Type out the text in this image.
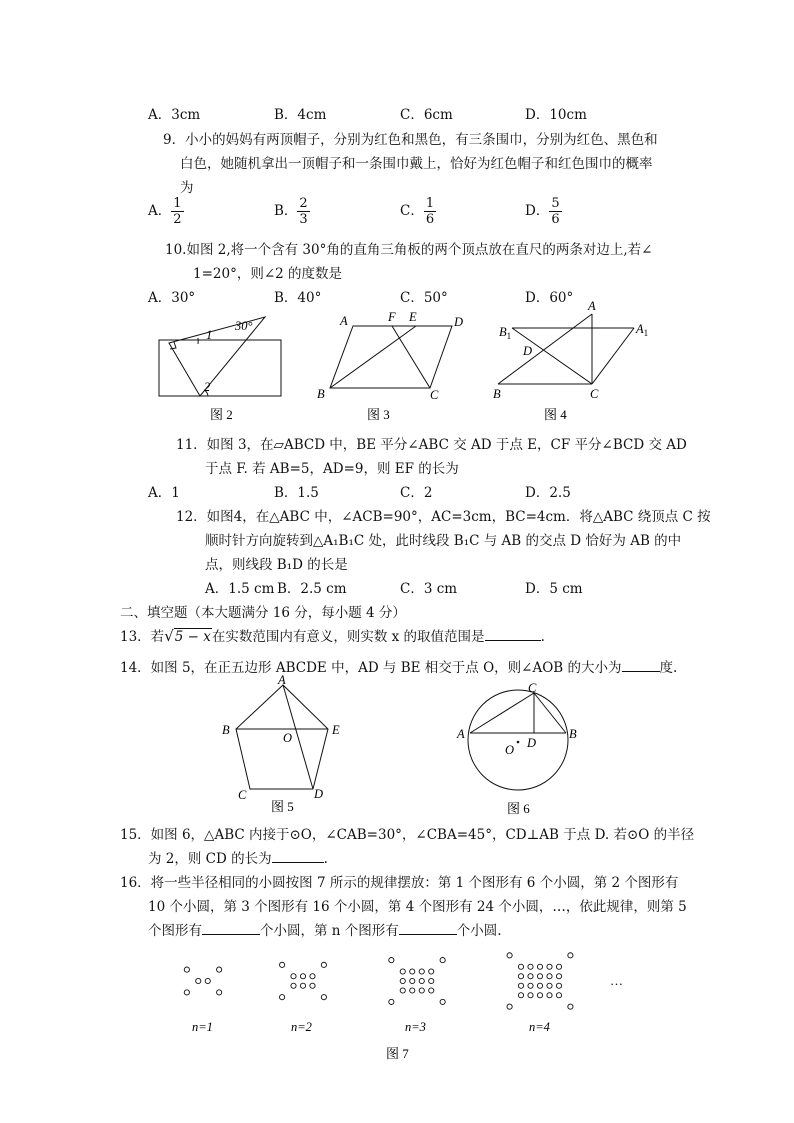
A．3cm	B．4cm	C．6cm	D．10cm
9．小小的妈妈有两顶帽子，分别为红色和黑色，有三条围巾，分别为红色、黑色和
白色，她随机拿出一顶帽子和一条围巾戴上，恰好为红色帽子和红色围巾的概率
为
A． $\frac{1}{2}$	B． $\frac{2}{3}$	C． $\frac{1}{6}$	D． $\frac{5}{6}$
10.如图 2,将一个含有 30°角的直角三角板的两个顶点放在直尺的两条对边上,若∠
1=20°，则∠2 的度数是
A．30°	B．40°	C．50°	D．60°
30°
1
2
图 2
A	F E	D
B	C
图 3
A
$B_1$	$A_1$
D
B	C
图 4
11．如图 3，在▱ABCD 中，BE 平分∠ABC 交 AD 于点 E，CF 平分∠BCD 交 AD
于点 F. 若 AB=5，AD=9，则 EF 的长为
A．1	B．1.5	C．2	D．2.5
12．如图4，在△ABC 中，∠ACB=90°，AC=3cm，BC=4cm．将△ABC 绕顶点 C 按
顺时针方向旋转到△A₁B₁C 处，此时线段 B₁C 与 AB 的交点 D 恰好为 AB 的中
点，则线段 B₁D 的长是
A．1.5 cm B．2.5 cm	C．3 cm	D．5 cm
二、填空题（本大题满分 16 分，每小题 4 分）
13．若√5 − x在实数范围内有意义，则实数 x 的取值范围是	.
14．如图 5，在正五边形 ABCDE 中，AD 与 BE 相交于点 O，则∠AOB 的大小为	度.
A
B	E
O
C	D
图 5
C
A	B
D
O
图 6
15．如图 6，△ABC 内接于⊙O，∠CAB=30°，∠CBA=45°，CD⊥AB 于点 D. 若⊙O 的半径
为 2，则 CD 的长为	.
16．将一些半径相同的小圆按图 7 所示的规律摆放：第 1 个图形有 6 个小圆，第 2 个图形有
10 个小圆，第 3 个图形有 16 个小圆，第 4 个图形有 24 个小圆，…，依此规律，则第 5
个图形有	个小圆，第 n 个图形有	个小圆.
n=1	n=2	n=3	n=4
…
图 7
